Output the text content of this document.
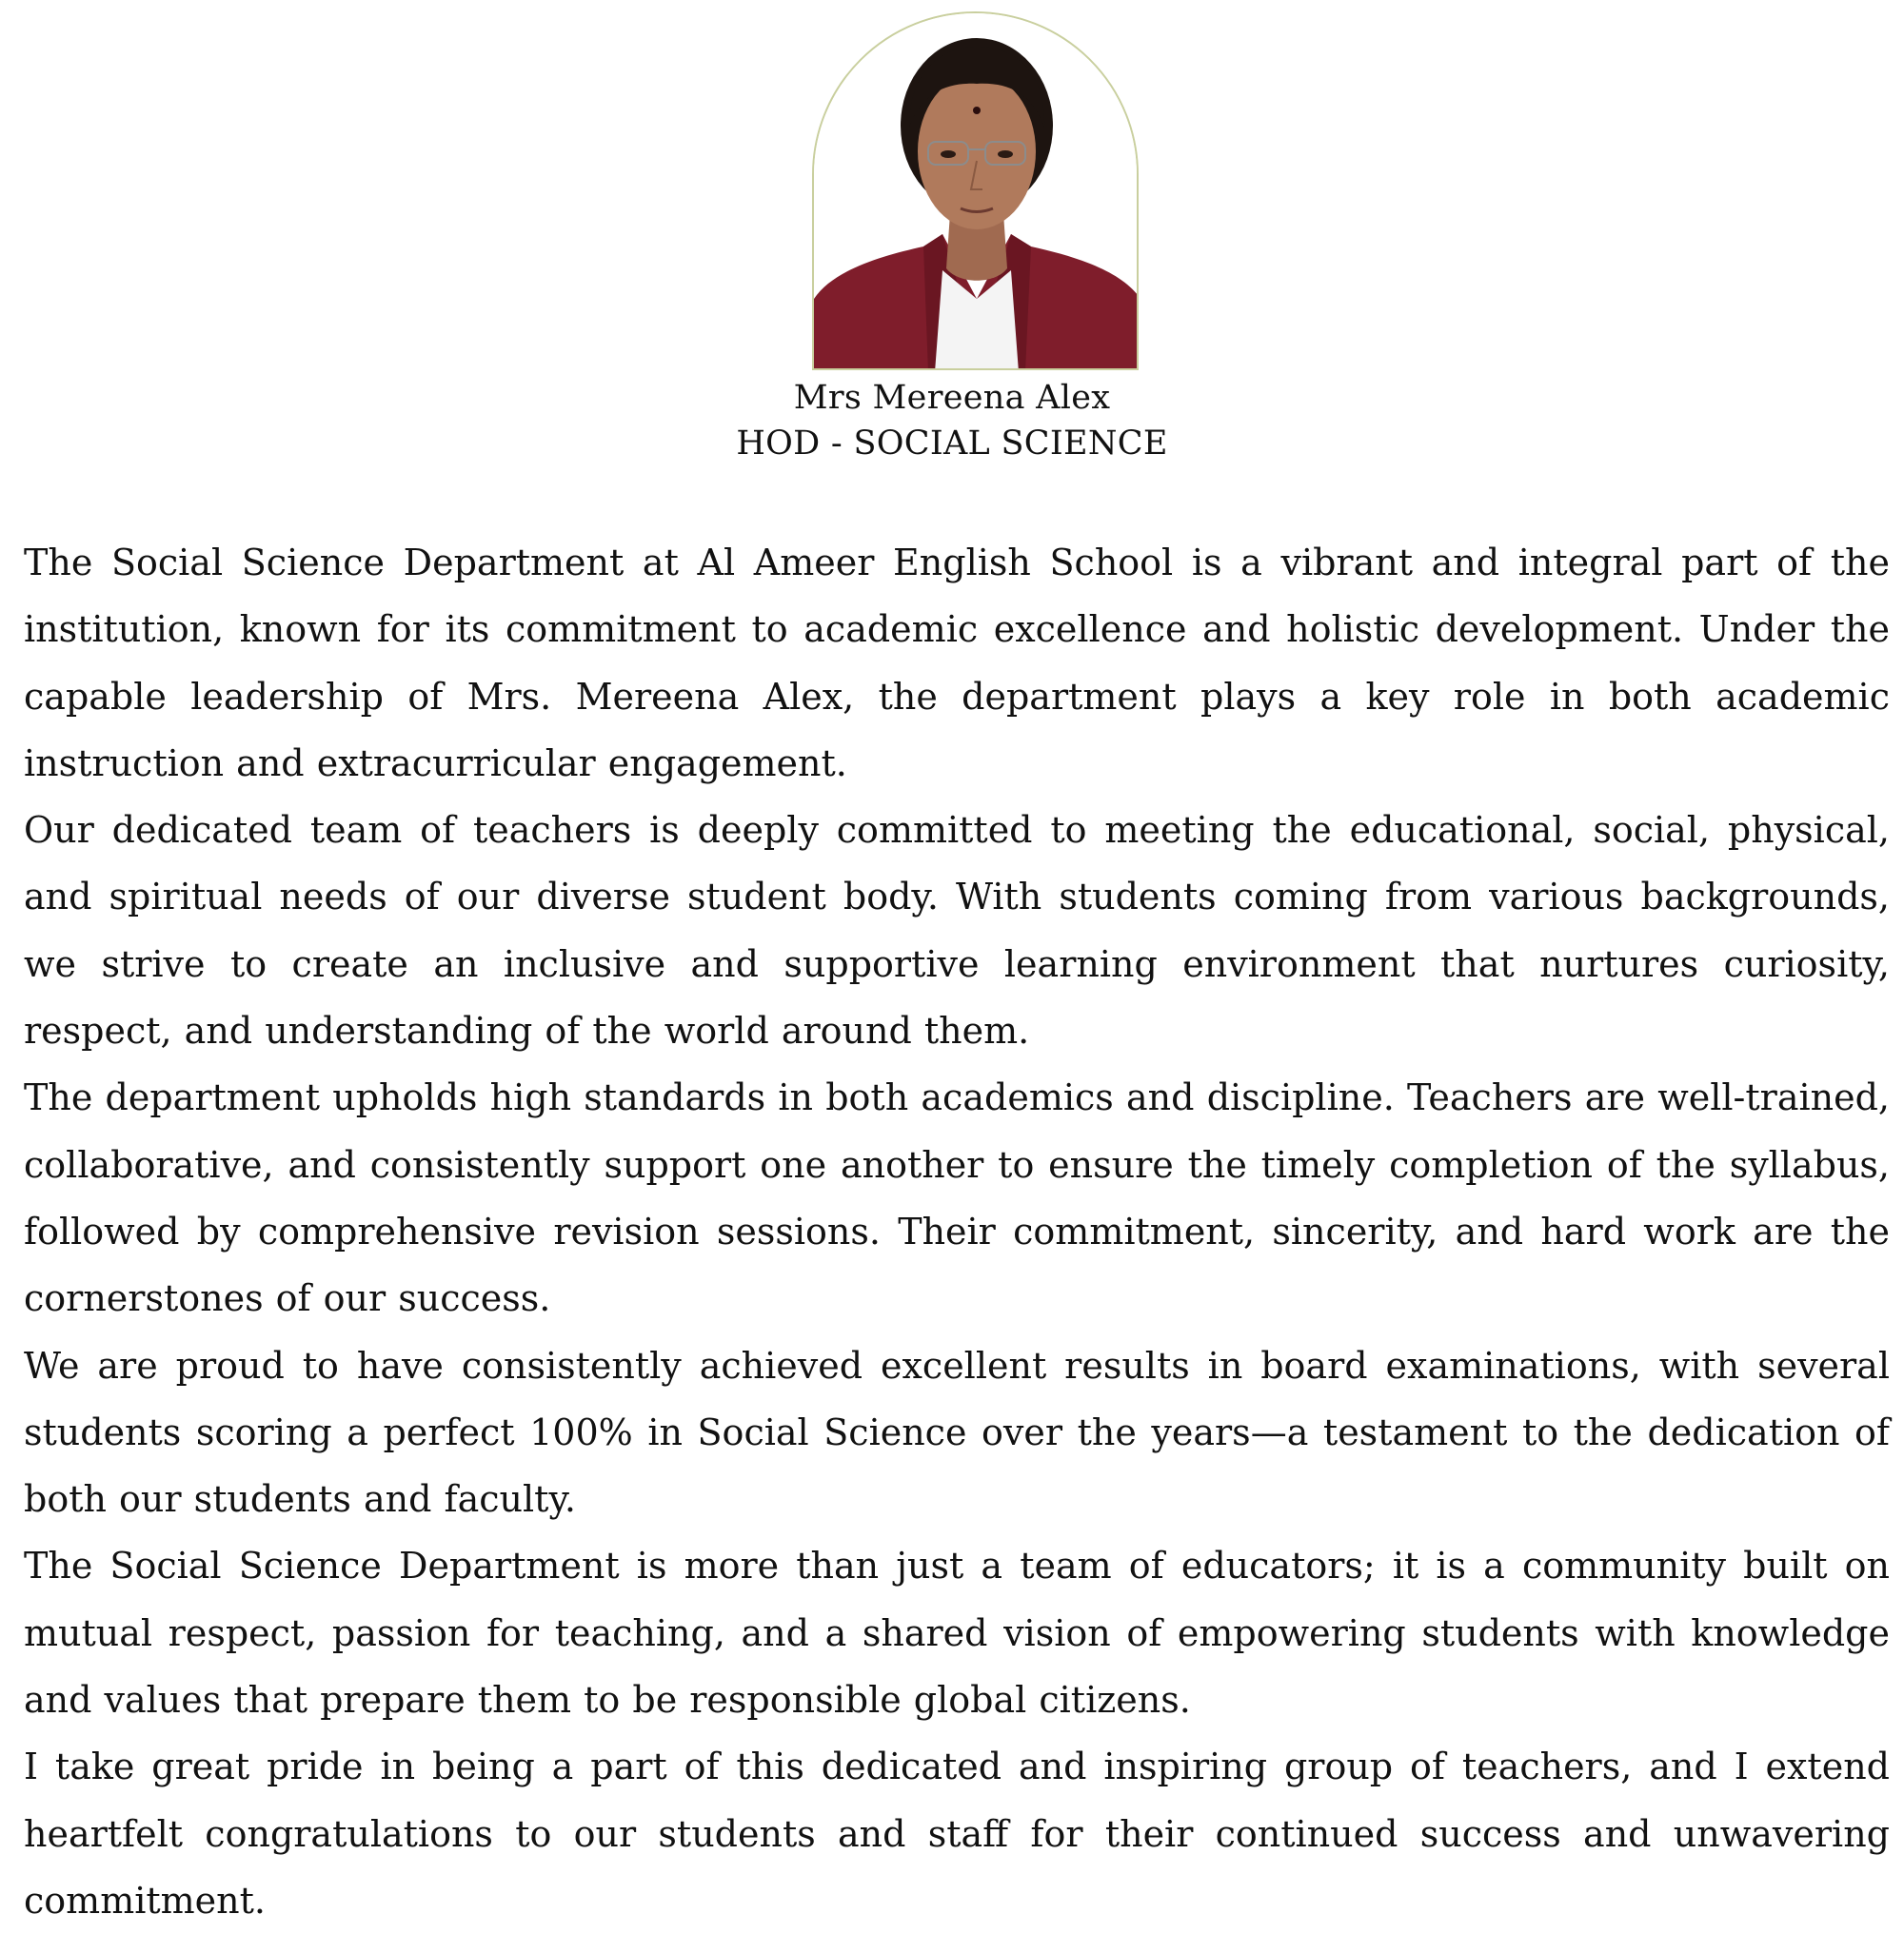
Mrs Mereena Alex
HOD - SOCIAL SCIENCE

The Social Science Department at Al Ameer English School is a vibrant and integral part of the institution, known for its commitment to academic excellence and holistic development. Under the capable leadership of Mrs. Mereena Alex, the department plays a key role in both academic instruction and extracurricular engagement.

Our dedicated team of teachers is deeply committed to meeting the educational, social, physical, and spiritual needs of our diverse student body. With students coming from various backgrounds, we strive to create an inclusive and supportive learning environment that nurtures curiosity, respect, and understanding of the world around them.

The department upholds high standards in both academics and discipline. Teachers are well-trained, collaborative, and consistently support one another to ensure the timely completion of the syllabus, followed by comprehensive revision sessions. Their commitment, sincerity, and hard work are the cornerstones of our success.

We are proud to have consistently achieved excellent results in board examinations, with several students scoring a perfect 100% in Social Science over the years—a testament to the dedication of both our students and faculty.

The Social Science Department is more than just a team of educators; it is a community built on mutual respect, passion for teaching, and a shared vision of empowering students with knowledge and values that prepare them to be responsible global citizens.

I take great pride in being a part of this dedicated and inspiring group of teachers, and I extend heartfelt congratulations to our students and staff for their continued success and unwavering commitment.
